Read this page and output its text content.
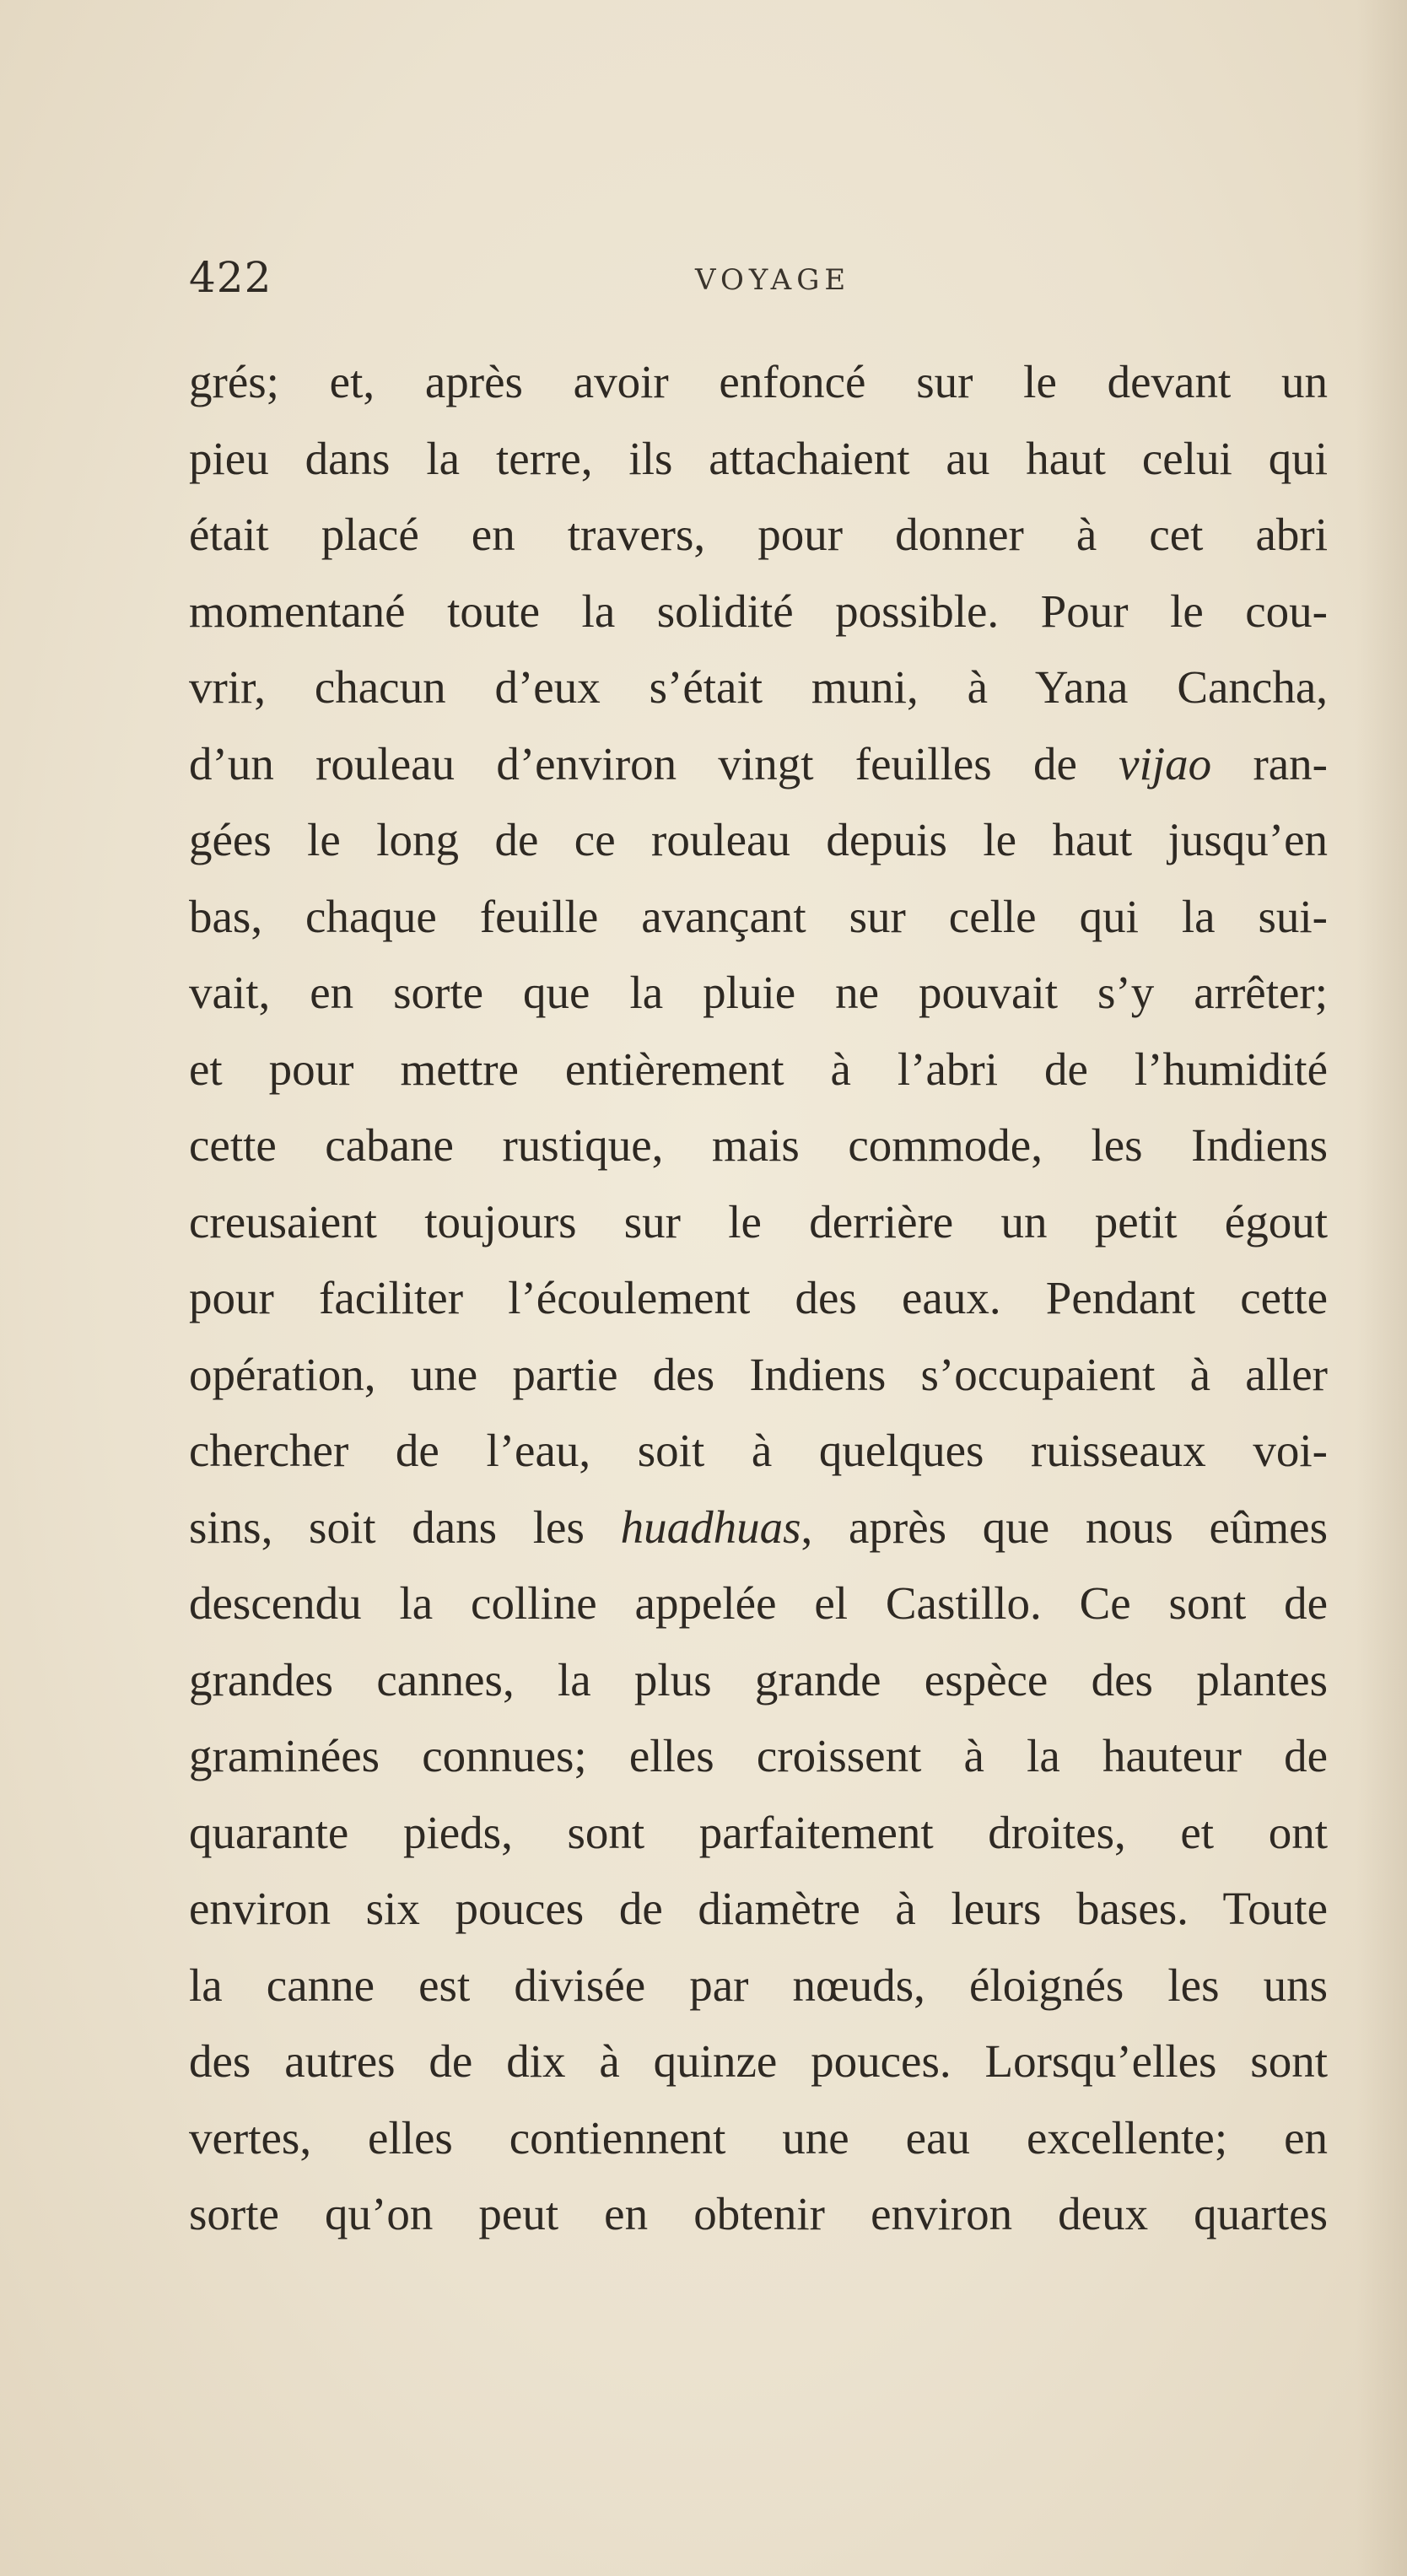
422	VOYAGE
grés; et, après avoir enfoncé sur le devant un
pieu dans la terre, ils attachaient au haut celui qui
était placé en travers, pour donner à cet abri
momentané toute la solidité possible. Pour le cou-
vrir, chacun d’eux s’était muni, à Yana Cancha,
d’un rouleau d’environ vingt feuilles de vijao ran-
gées le long de ce rouleau depuis le haut jusqu’en
bas, chaque feuille avançant sur celle qui la sui-
vait, en sorte que la pluie ne pouvait s’y arrêter;
et pour mettre entièrement à l’abri de l’humidité
cette cabane rustique, mais commode, les Indiens
creusaient toujours sur le derrière un petit égout
pour faciliter l’écoulement des eaux. Pendant cette
opération, une partie des Indiens s’occupaient à aller
chercher de l’eau, soit à quelques ruisseaux voi-
sins, soit dans les huadhuas, après que nous eûmes
descendu la colline appelée el Castillo. Ce sont de
grandes cannes, la plus grande espèce des plantes
graminées connues; elles croissent à la hauteur de
quarante pieds, sont parfaitement droites, et ont
environ six pouces de diamètre à leurs bases. Toute
la canne est divisée par nœuds, éloignés les uns
des autres de dix à quinze pouces. Lorsqu’elles sont
vertes, elles contiennent une eau excellente; en
sorte qu’on peut en obtenir environ deux quartes
